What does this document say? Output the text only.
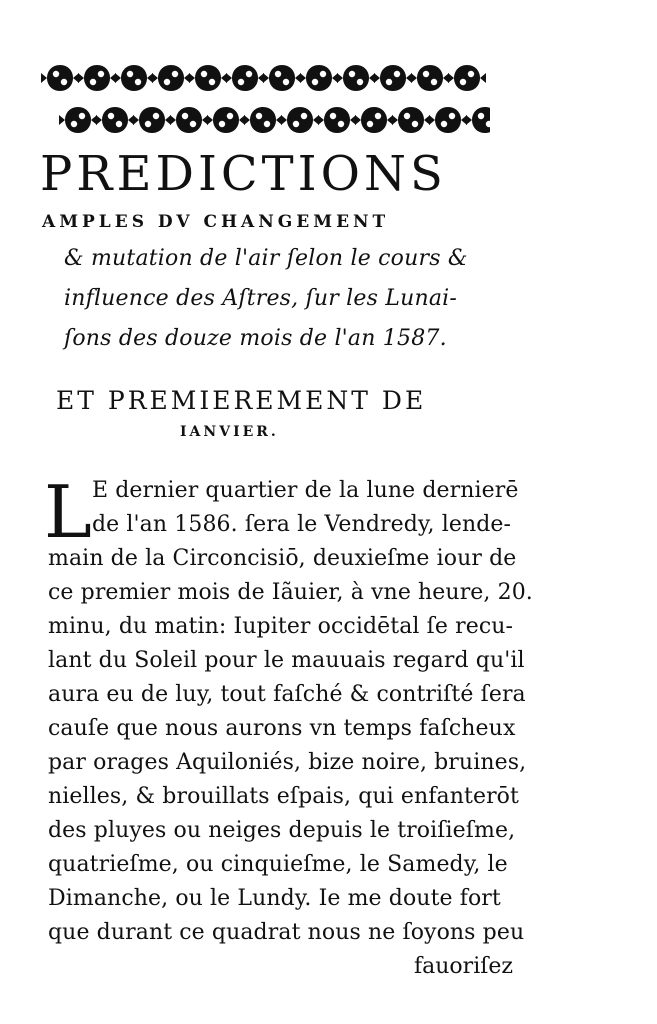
PREDICTIONS
AMPLES DV CHANGEMENT
& mutation de l'air ſelon le cours &
influence des Aſtres, ſur les Lunai-
ſons des douze mois de l'an 1587.
ET PREMIEREMENT DE
IANVIER.
L E dernier quartier de la lune dernierē
de l'an 1586. ſera le Vendredy, lende-
main de la Circoncisiō, deuxieſme iour de
ce premier mois de Iãuier, à vne heure, 20.
minu, du matin: Iupiter occidētal ſe recu-
lant du Soleil pour le mauuais regard qu'il
aura eu de luy, tout faſché & contriſté ſera
cauſe que nous aurons vn temps faſcheux
par orages Aquiloniés, bize noire, bruines,
nielles, & brouillats eſpais, qui enfanterōt
des pluyes ou neiges depuis le troiſieſme,
quatrieſme, ou cinquieſme, le Samedy, le
Dimanche, ou le Lundy. Ie me doute fort
que durant ce quadrat nous ne ſoyons peu
fauoriſez
